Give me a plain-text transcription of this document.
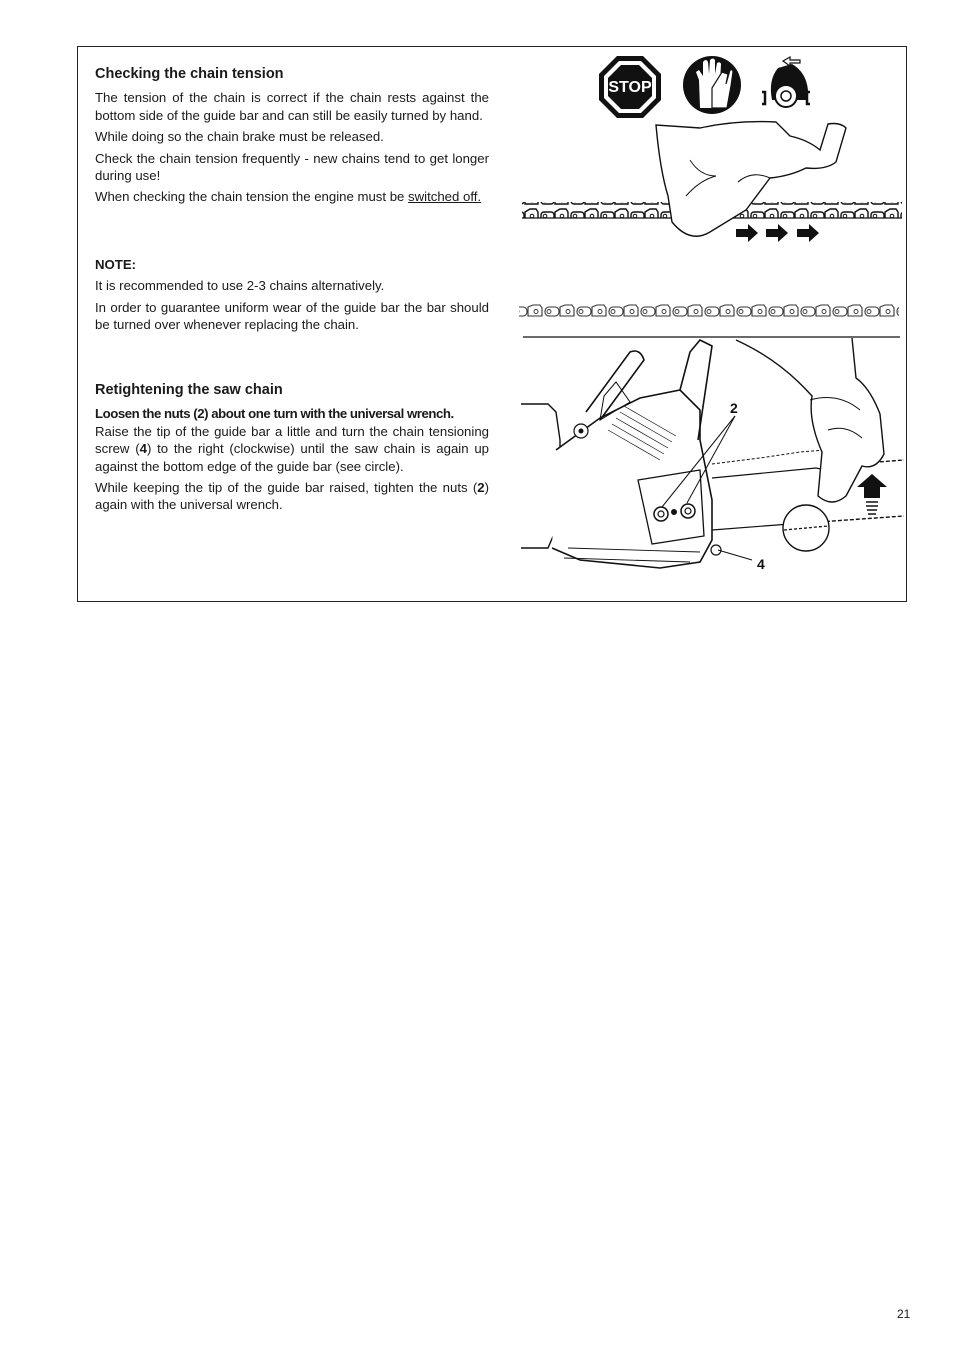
Checking the chain tension

The tension of the chain is correct if the chain rests against the bottom side of the guide bar and can still be easily turned by hand.

While doing so the chain brake must be released.

Check the chain tension frequently - new chains tend to get longer during use!

When checking the chain tension the engine must be switched off.

NOTE:

It is recommended to use 2-3 chains alternatively.

In order to guarantee uniform wear of the guide bar the bar should be turned over whenever replacing the chain.

Retightening the saw chain

Loosen the nuts (2) about one turn with the universal wrench.
Raise the tip of the guide bar a little and turn the chain tensioning screw (4) to the right (clockwise) until the saw chain is again up against the bottom edge of the guide bar (see circle).

While keeping the tip of the guide bar raised, tighten the nuts (2) again with the universal wrench.

STOP
2
4
21
